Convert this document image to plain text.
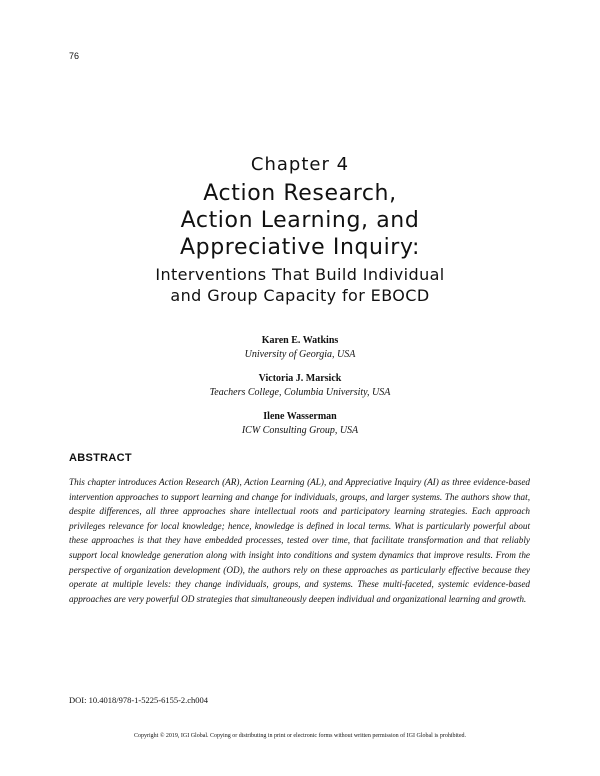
76
Chapter 4
Action Research,
Action Learning, and
Appreciative Inquiry:
Interventions That Build Individual
and Group Capacity for EBOCD
Karen E. Watkins
University of Georgia, USA
Victoria J. Marsick
Teachers College, Columbia University, USA
Ilene Wasserman
ICW Consulting Group, USA
ABSTRACT
This chapter introduces Action Research (AR), Action Learning (AL), and Appreciative Inquiry (AI) as three evidence-based intervention approaches to support learning and change for individuals, groups, and larger systems. The authors show that, despite differences, all three approaches share intellectual roots and participatory learning strategies. Each approach privileges relevance for local knowledge; hence, knowledge is defined in local terms. What is particularly powerful about these approaches is that they have embedded processes, tested over time, that facilitate transformation and that reliably support local knowledge generation along with insight into conditions and system dynamics that improve results. From the perspective of organization development (OD), the authors rely on these approaches as particularly effective because they operate at multiple levels: they change individuals, groups, and systems. These multi-faceted, systemic evidence-based approaches are very powerful OD strategies that simultaneously deepen individual and organizational learning and growth.
DOI: 10.4018/978-1-5225-6155-2.ch004
Copyright © 2019, IGI Global. Copying or distributing in print or electronic forms without written permission of IGI Global is prohibited.
